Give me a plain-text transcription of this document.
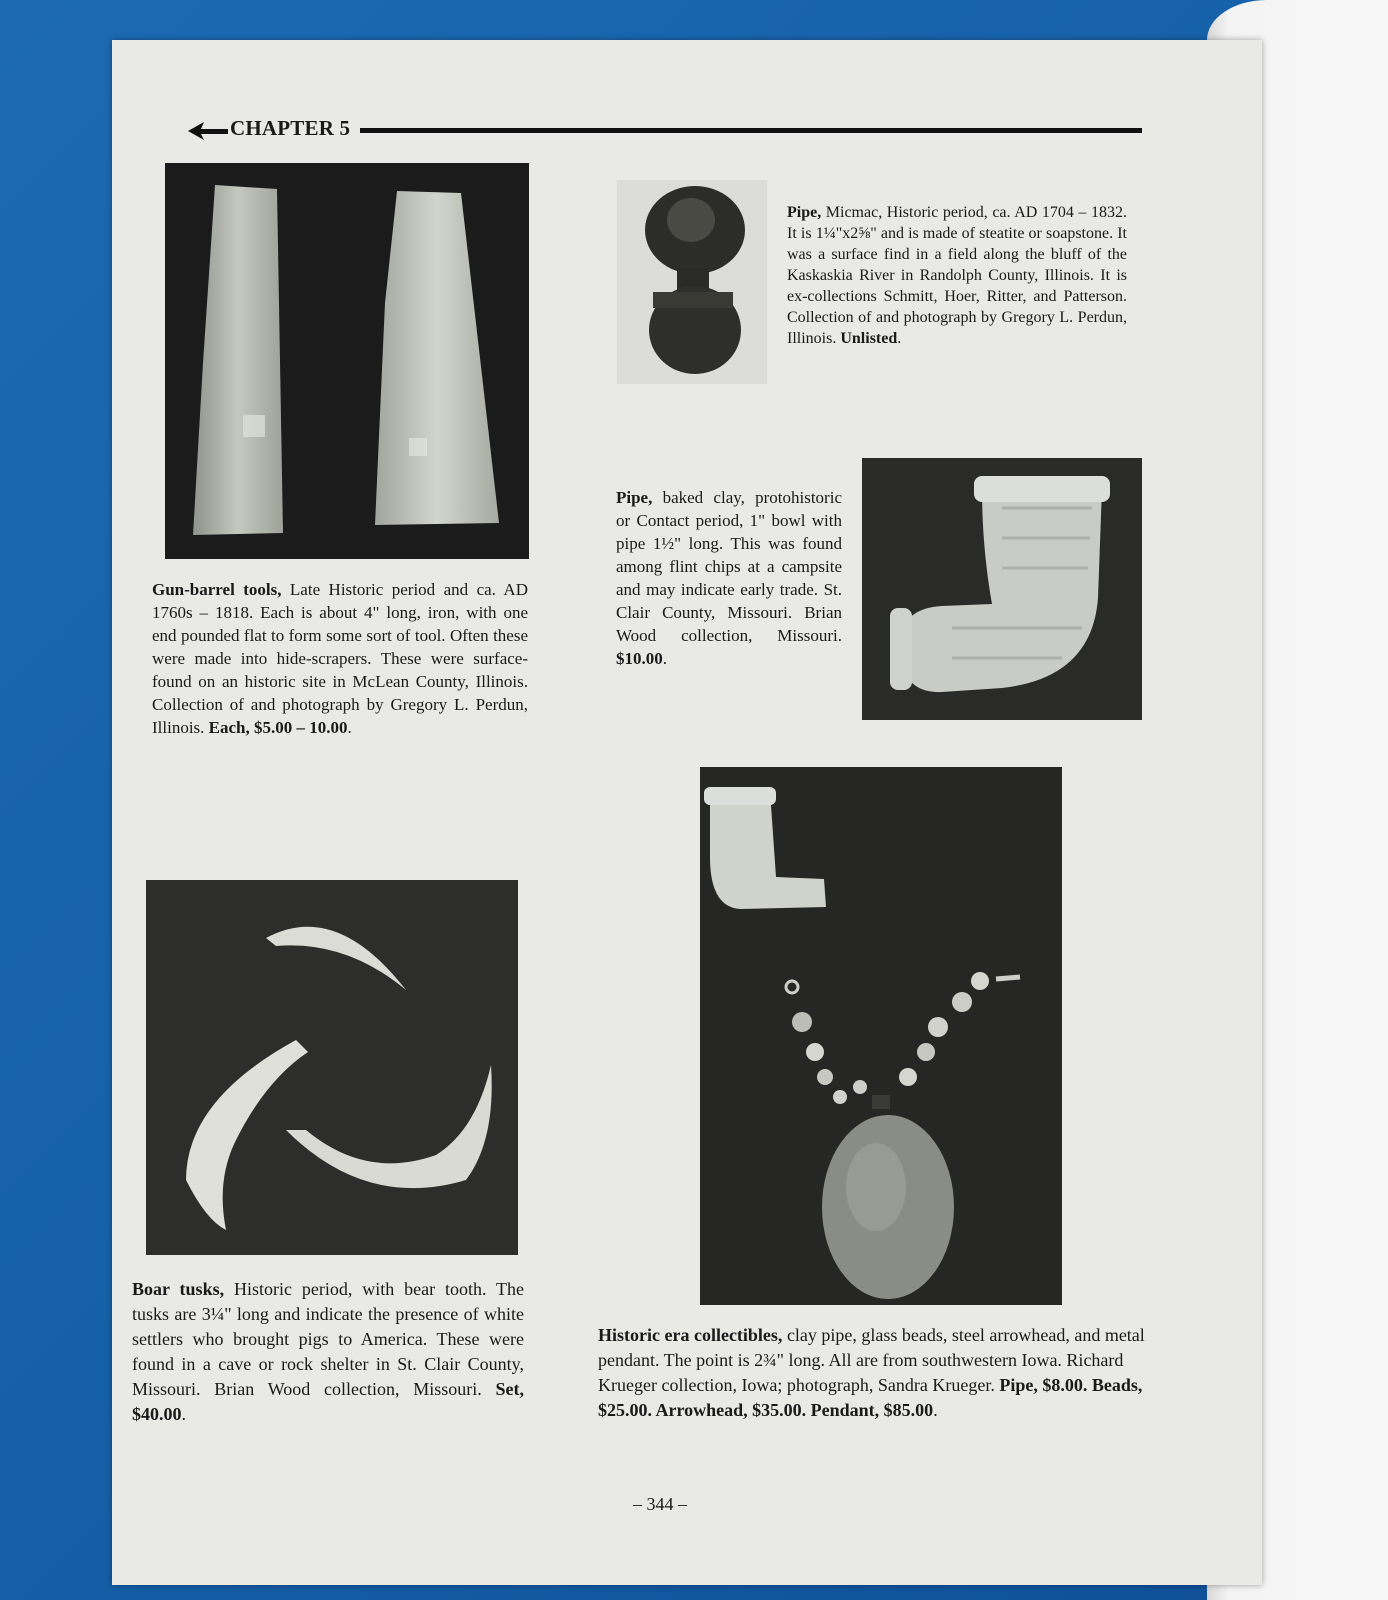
CHAPTER 5

Gun-barrel tools, Late Historic period and ca. AD 1760s – 1818. Each is about 4" long, iron, with one end pounded flat to form some sort of tool. Often these were made into hide-scrapers. These were surface-found on an historic site in McLean County, Illinois. Collection of and photograph by Gregory L. Perdun, Illinois. Each, $5.00 – 10.00.

Pipe, Micmac, Historic period, ca. AD 1704 – 1832. It is 1¼"x2⅝" and is made of steatite or soapstone. It was a surface find in a field along the bluff of the Kaskaskia River in Randolph County, Illinois. It is ex-collections Schmitt, Hoer, Ritter, and Patterson. Collection of and photograph by Gregory L. Perdun, Illinois. Unlisted.

Pipe, baked clay, protohistoric or Contact period, 1" bowl with pipe 1½" long. This was found among flint chips at a campsite and may indicate early trade. St. Clair County, Missouri. Brian Wood collection, Missouri. $10.00.

Boar tusks, Historic period, with bear tooth. The tusks are 3¼" long and indicate the presence of white settlers who brought pigs to America. These were found in a cave or rock shelter in St. Clair County, Missouri. Brian Wood collection, Missouri. Set, $40.00.

Historic era collectibles, clay pipe, glass beads, steel arrowhead, and metal pendant. The point is 2¾" long. All are from southwestern Iowa. Richard Krueger collection, Iowa; photograph, Sandra Krueger. Pipe, $8.00. Beads, $25.00. Arrowhead, $35.00. Pendant, $85.00.

– 344 –
